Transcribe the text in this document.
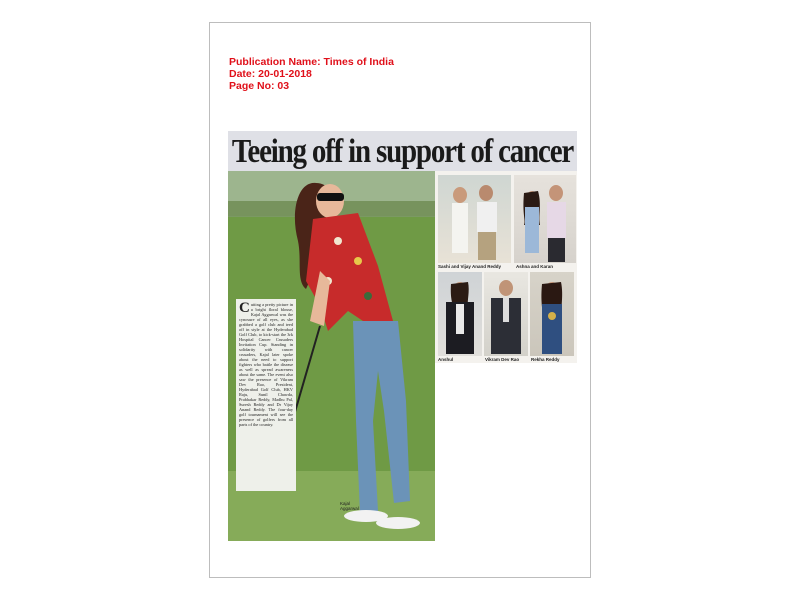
Publication Name: Times of India
Date: 20-01-2018
Page No: 03
Teeing off in support of cancer
Cutting a pretty picture in a bright floral blouse, Kajal Aggarwal was the cynosure of all eyes, as she grabbed a golf club and teed off in style at the Hyderabad Golf Club, to kick-start the 3rk Hospital Cancer Crusaders Invitation Cup. Standing in solidarity with cancer crusaders, Kajal later spoke about the need to support fighters who battle the disease as well as spread awareness about the same. The event also saw the presence of Vikram Dev Rao, President, Hyderabad Golf Club, HKV Raju, Sunil Chawda, Prabhakar Reddy, Madhu Pal, Suresh Reddy and Dr Vijay Anand Reddy. The four-day golf tournament will see the presence of golfers from all parts of the country.
Kajal
Aggarwal
Sashi and Vijay Anand Reddy	Ashna and Karan
Anshul	Vikram Dev Rao	Rekha Reddy
